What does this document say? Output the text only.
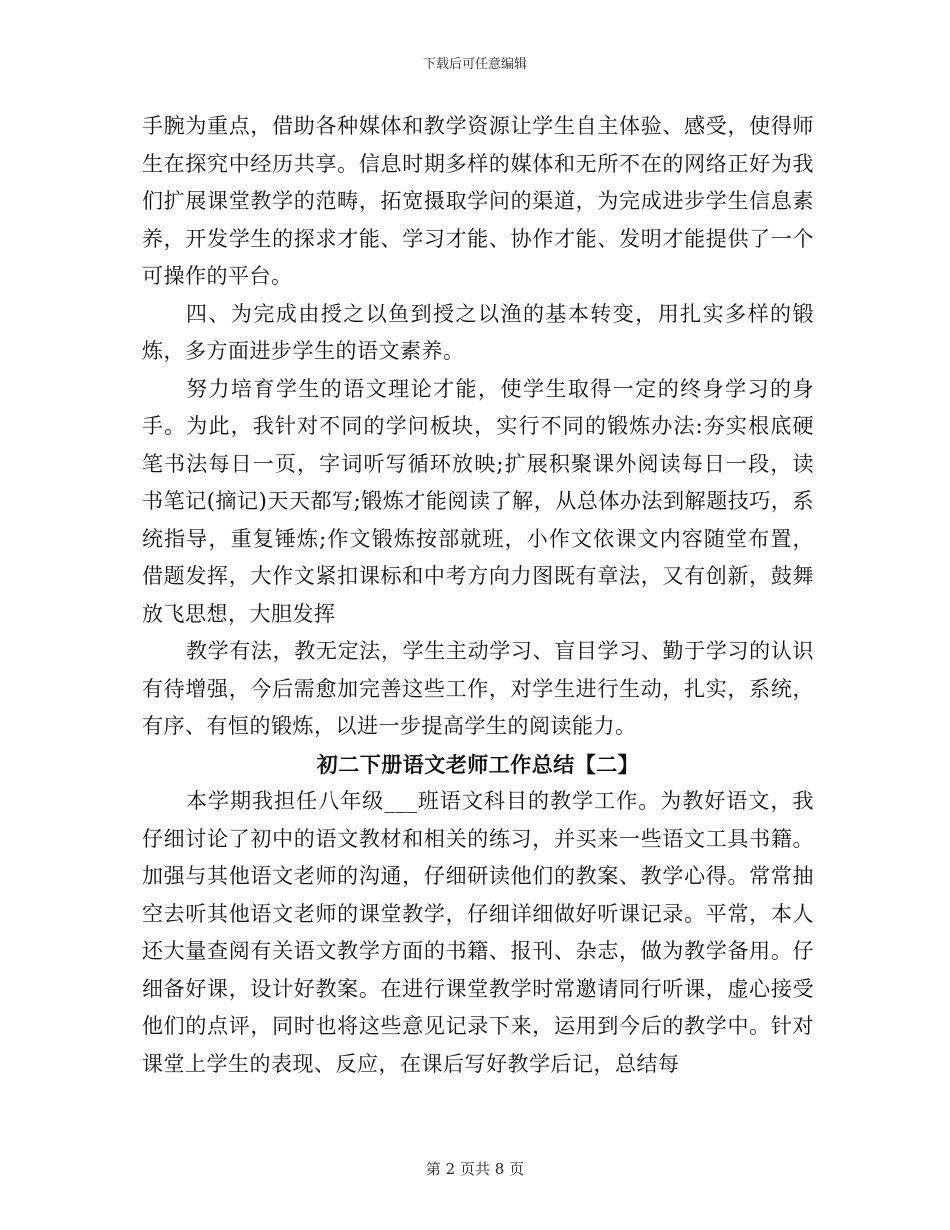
下载后可任意编辑

手腕为重点，借助各种媒体和教学资源让学生自主体验、感受，使得师生在探究中经历共享。信息时期多样的媒体和无所不在的网络正好为我们扩展课堂教学的范畴，拓宽摄取学问的渠道，为完成进步学生信息素养，开发学生的探求才能、学习才能、协作才能、发明才能提供了一个可操作的平台。

四、为完成由授之以鱼到授之以渔的基本转变，用扎实多样的锻炼，多方面进步学生的语文素养。

努力培育学生的语文理论才能，使学生取得一定的终身学习的身手。为此，我针对不同的学问板块，实行不同的锻炼办法:夯实根底硬笔书法每日一页，字词听写循环放映;扩展积聚课外阅读每日一段，读书笔记(摘记)天天都写;锻炼才能阅读了解，从总体办法到解题技巧，系统指导，重复锤炼;作文锻炼按部就班，小作文依课文内容随堂布置，借题发挥，大作文紧扣课标和中考方向力图既有章法，又有创新，鼓舞放飞思想，大胆发挥

教学有法，教无定法，学生主动学习、盲目学习、勤于学习的认识有待增强，今后需愈加完善这些工作，对学生进行生动，扎实，系统，有序、有恒的锻炼，以进一步提高学生的阅读能力。

初二下册语文老师工作总结【二】

本学期我担任八年级___班语文科目的教学工作。为教好语文，我仔细讨论了初中的语文教材和相关的练习，并买来一些语文工具书籍。加强与其他语文老师的沟通，仔细研读他们的教案、教学心得。常常抽空去听其他语文老师的课堂教学，仔细详细做好听课记录。平常，本人还大量查阅有关语文教学方面的书籍、报刊、杂志，做为教学备用。仔细备好课，设计好教案。在进行课堂教学时常邀请同行听课，虚心接受他们的点评，同时也将这些意见记录下来，运用到今后的教学中。针对课堂上学生的表现、反应，在课后写好教学后记，总结每

第 2 页共 8 页
